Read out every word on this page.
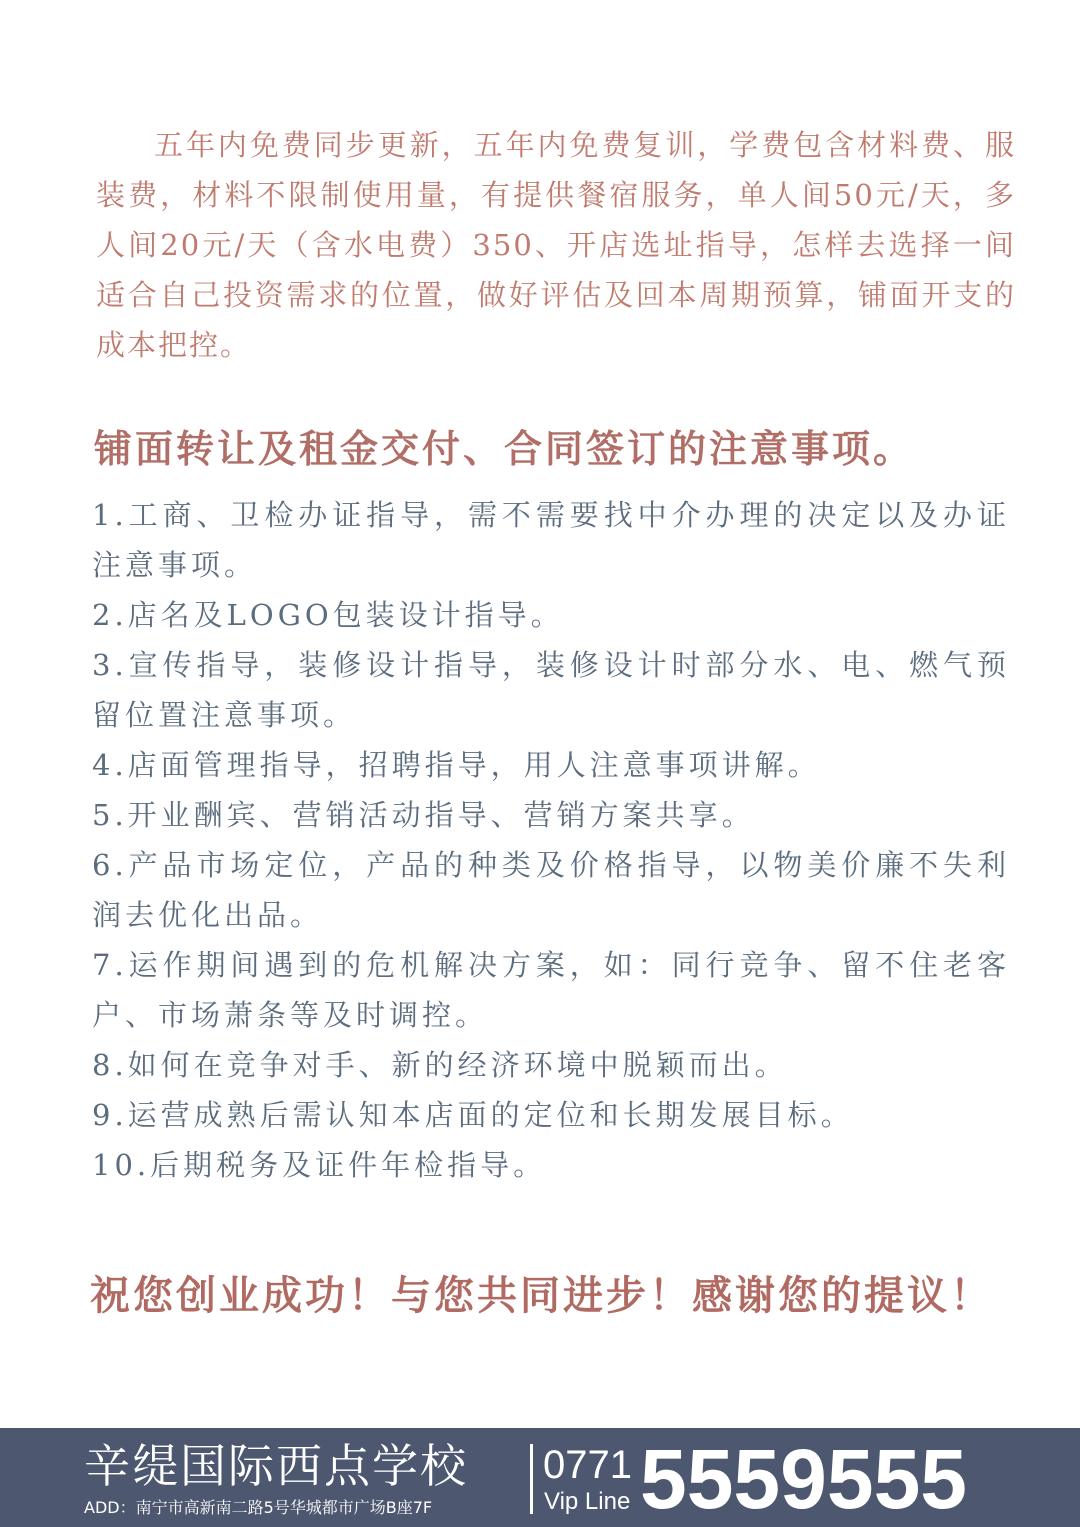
五年内免费同步更新，五年内免费复训，学费包含材料费、服装费，材料不限制使用量，有提供餐宿服务，单人间50元/天，多人间20元/天（含水电费）350、开店选址指导，怎样去选择一间适合自己投资需求的位置，做好评估及回本周期预算，铺面开支的成本把控。

铺面转让及租金交付、合同签订的注意事项。
1.工商、卫检办证指导，需不需要找中介办理的决定以及办证注意事项。
2.店名及LOGO包装设计指导。
3.宣传指导，装修设计指导，装修设计时部分水、电、燃气预留位置注意事项。
4.店面管理指导，招聘指导，用人注意事项讲解。
5.开业酬宾、营销活动指导、营销方案共享。
6.产品市场定位，产品的种类及价格指导，以物美价廉不失利润去优化出品。
7.运作期间遇到的危机解决方案，如：同行竞争、留不住老客户、市场萧条等及时调控。
8.如何在竞争对手、新的经济环境中脱颖而出。
9.运营成熟后需认知本店面的定位和长期发展目标。
10.后期税务及证件年检指导。

祝您创业成功！与您共同进步！感谢您的提议！

辛缇国际西点学校
ADD：南宁市高新南二路5号华城都市广场B座7F
0771
Vip Line 5559555
